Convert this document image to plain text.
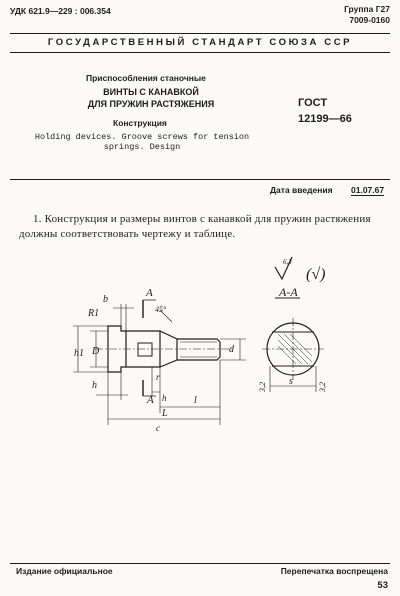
УДК 621.9—229 : 006.354	Группа Г27
7009-0160
ГОСУДАРСТВЕННЫЙ СТАНДАРТ СОЮЗА ССР
Приспособления станочные
ВИНТЫ С КАНАВКОЙ
ДЛЯ ПРУЖИН РАСТЯЖЕНИЯ
Конструкция
Holding devices. Groove screws for tension springs. Design
ГОСТ
12199—66
Дата введения 01.07.67
1. Конструкция и размеры винтов с канавкой для пружин растяжения должны соответствовать чертежу и таблице.
6,3
(√)
A-A
b
R1
A
45°
h1 D	d
r
h
A h	l
L
c
s
3,2	3,2
Издание официальное	Перепечатка воспрещена
53
